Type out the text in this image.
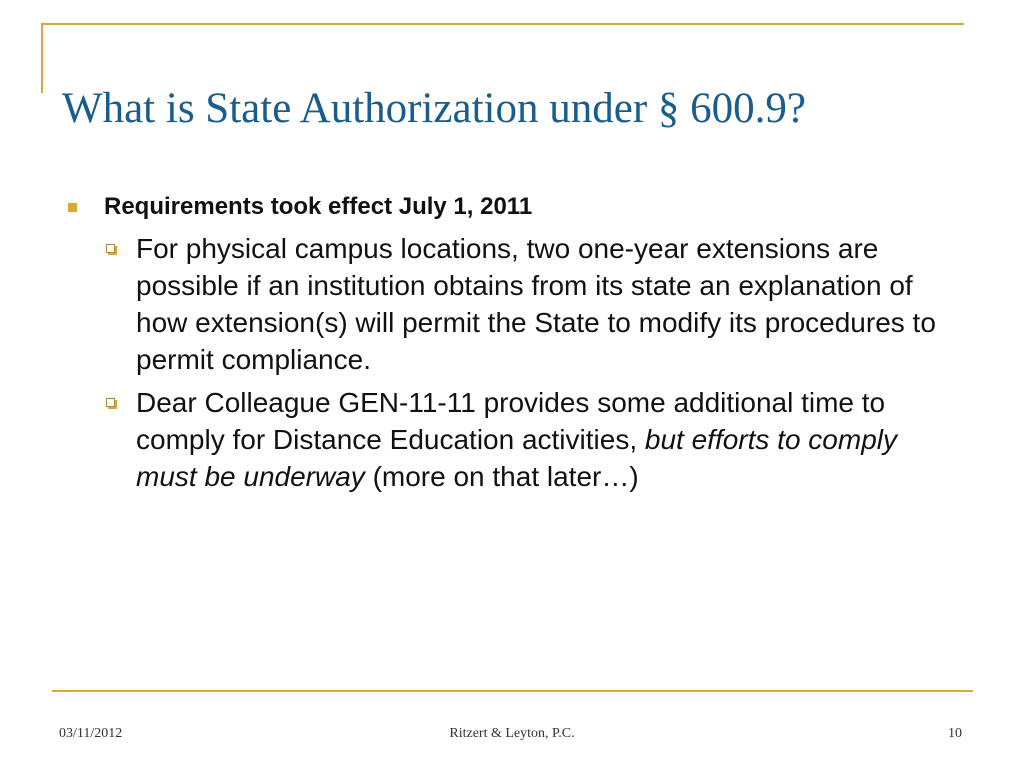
What is State Authorization under § 600.9?

Requirements took effect July 1, 2011

For physical campus locations, two one-year extensions are possible if an institution obtains from its state an explanation of how extension(s) will permit the State to modify its procedures to permit compliance.

Dear Colleague GEN-11-11 provides some additional time to comply for Distance Education activities, but efforts to comply must be underway (more on that later…)

03/11/2012	Ritzert & Leyton, P.C.	10
